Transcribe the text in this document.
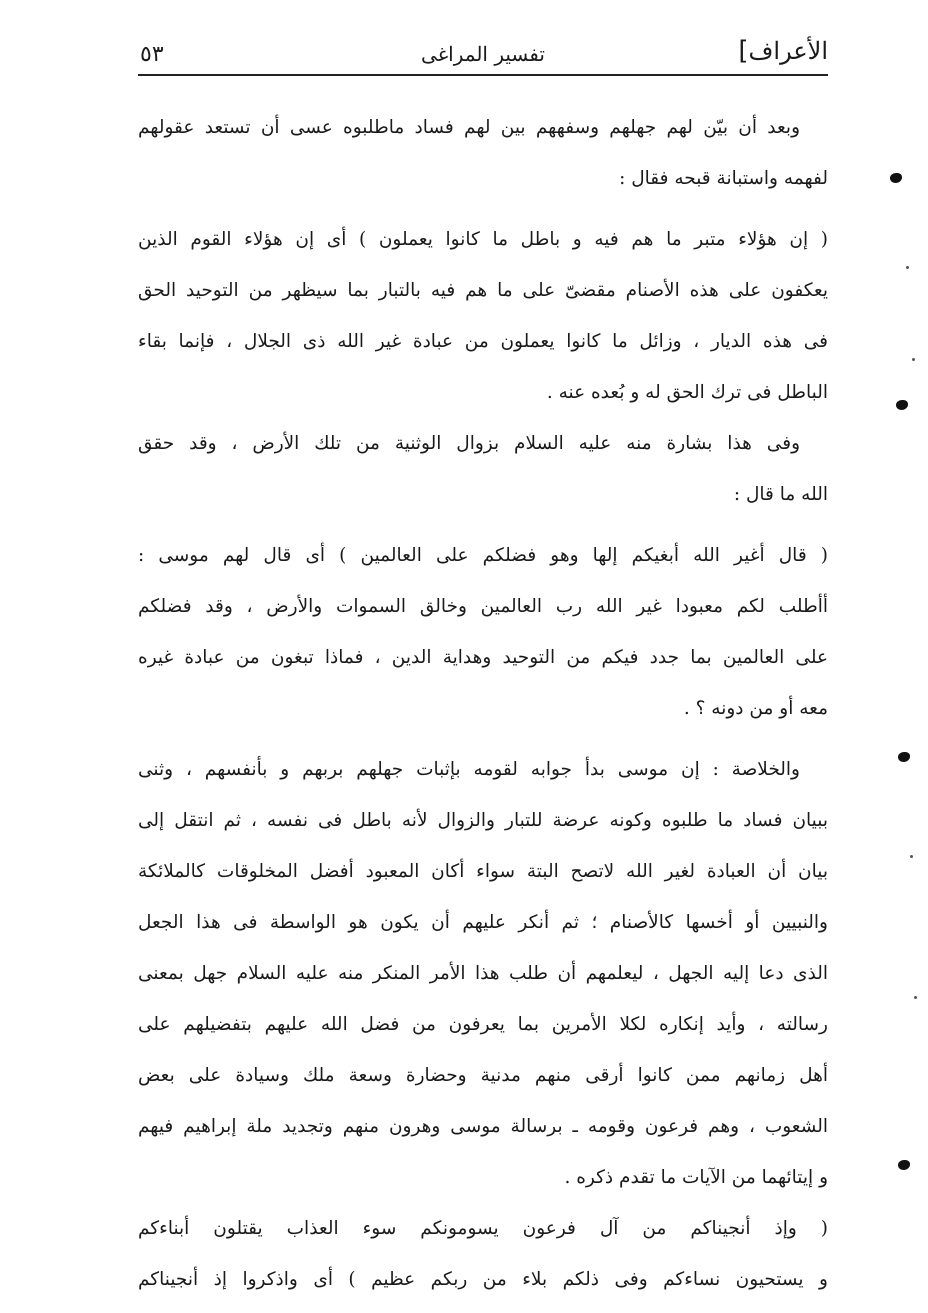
الأعراف]
تفسير المراغى
٥٣
وبعد أن بيّن لهم جهلهم وسفههم بين لهم فساد ماطلبوه عسى أن تستعد عقولهم
لفهمه واستبانة قبحه فقال :
( إن هؤلاء متبر ما هم فيه و باطل ما كانوا يعملون ) أى إن هؤلاء القوم الذين
يعكفون على هذه الأصنام مقضىّ على ما هم فيه بالتبار بما سيظهر من التوحيد الحق
فى هذه الديار ، وزائل ما كانوا يعملون من عبادة غير الله ذى الجلال ، فإنما بقاء
الباطل فى ترك الحق له و بُعده عنه .
وفى هذا بشارة منه عليه السلام بزوال الوثنية من تلك الأرض ، وقد حقق
الله ما قال :
( قال أغير الله أبغيكم إلها وهو فضلكم على العالمين ) أى قال لهم موسى :
أأطلب لكم معبودا غير الله رب العالمين وخالق السموات والأرض ، وقد فضلكم
على العالمين بما جدد فيكم من التوحيد وهداية الدين ، فماذا تبغون من عبادة غيره
معه أو من دونه ؟ .
والخلاصة : إن موسى بدأ جوابه لقومه بإثبات جهلهم بربهم و بأنفسهم ، وثنى
ببيان فساد ما طلبوه وكونه عرضة للتبار والزوال لأنه باطل فى نفسه ، ثم انتقل إلى
بيان أن العبادة لغير الله لاتصح البتة سواء أكان المعبود أفضل المخلوقات كالملائكة
والنبيين أو أخسها كالأصنام ؛ ثم أنكر عليهم أن يكون هو الواسطة فى هذا الجعل
الذى دعا إليه الجهل ، ليعلمهم أن طلب هذا الأمر المنكر منه عليه السلام جهل بمعنى
رسالته ، وأيد إنكاره لكلا الأمرين بما يعرفون من فضل الله عليهم بتفضيلهم على
أهل زمانهم ممن كانوا أرقى منهم مدنية وحضارة وسعة ملك وسيادة على بعض
الشعوب ، وهم فرعون وقومه ـ برسالة موسى وهرون منهم وتجديد ملة إبراهيم فيهم
و إيتائهما من الآيات ما تقدم ذكره .
( وإذ أنجيناكم من آل فرعون يسومونكم سوء العذاب يقتلون أبناءكم
و يستحيون نساءكم وفى ذلكم بلاء من ربكم عظيم ) أى واذكروا إذ أنجيناكم
